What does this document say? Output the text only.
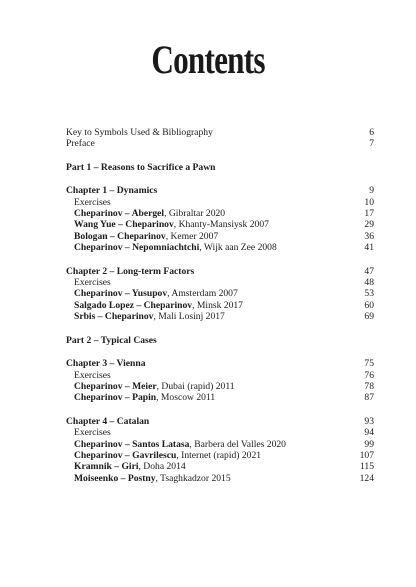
Contents
Key to Symbols Used & Bibliography	6
Preface	7
Part 1 – Reasons to Sacrifice a Pawn
Chapter 1 – Dynamics	9
Exercises	10
Cheparinov – Abergel, Gibraltar 2020	17
Wang Yue – Cheparinov, Khanty-Mansiysk 2007	29
Bologan – Cheparinov, Kemer 2007	36
Cheparinov – Nepomniachtchi, Wijk aan Zee 2008	41
Chapter 2 – Long-term Factors	47
Exercises	48
Cheparinov – Yusupov, Amsterdam 2007	53
Salgado Lopez – Cheparinov, Minsk 2017	60
Srbis – Cheparinov, Mali Losinj 2017	69
Part 2 – Typical Cases
Chapter 3 – Vienna	75
Exercises	76
Cheparinov – Meier, Dubai (rapid) 2011	78
Cheparinov – Papin, Moscow 2011	87
Chapter 4 – Catalan	93
Exercises	94
Cheparinov – Santos Latasa, Barbera del Valles 2020	99
Cheparinov – Gavrilescu, Internet (rapid) 2021	107
Kramnik – Giri, Doha 2014	115
Moiseenko – Postny, Tsaghkadzor 2015	124
